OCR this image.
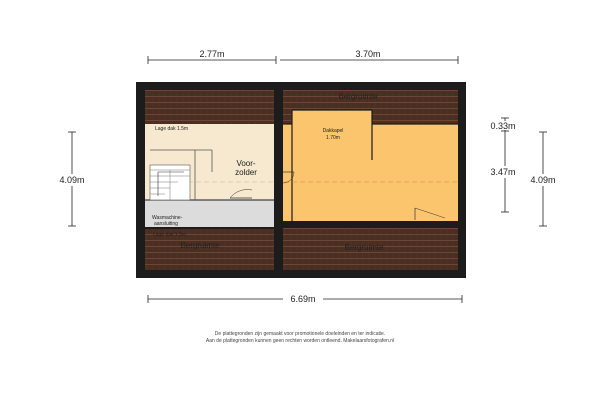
Bergruimte
Dakkapel
1.70m
Voor-
zolder
Wasmachine-
aansluiting
Lage dak 1.5m
Lage dak 1.5m
Bergruimte	Bergruimte
2.77m	3.70m
4.09m
0.33m
3.47m
4.09m
6.69m
De plattegronden zijn gemaakt voor promotionele doeleinden en ter indicatie.
Aan de plattegronden kunnen geen rechten worden ontleend. Makelaarsfotografen.nl
